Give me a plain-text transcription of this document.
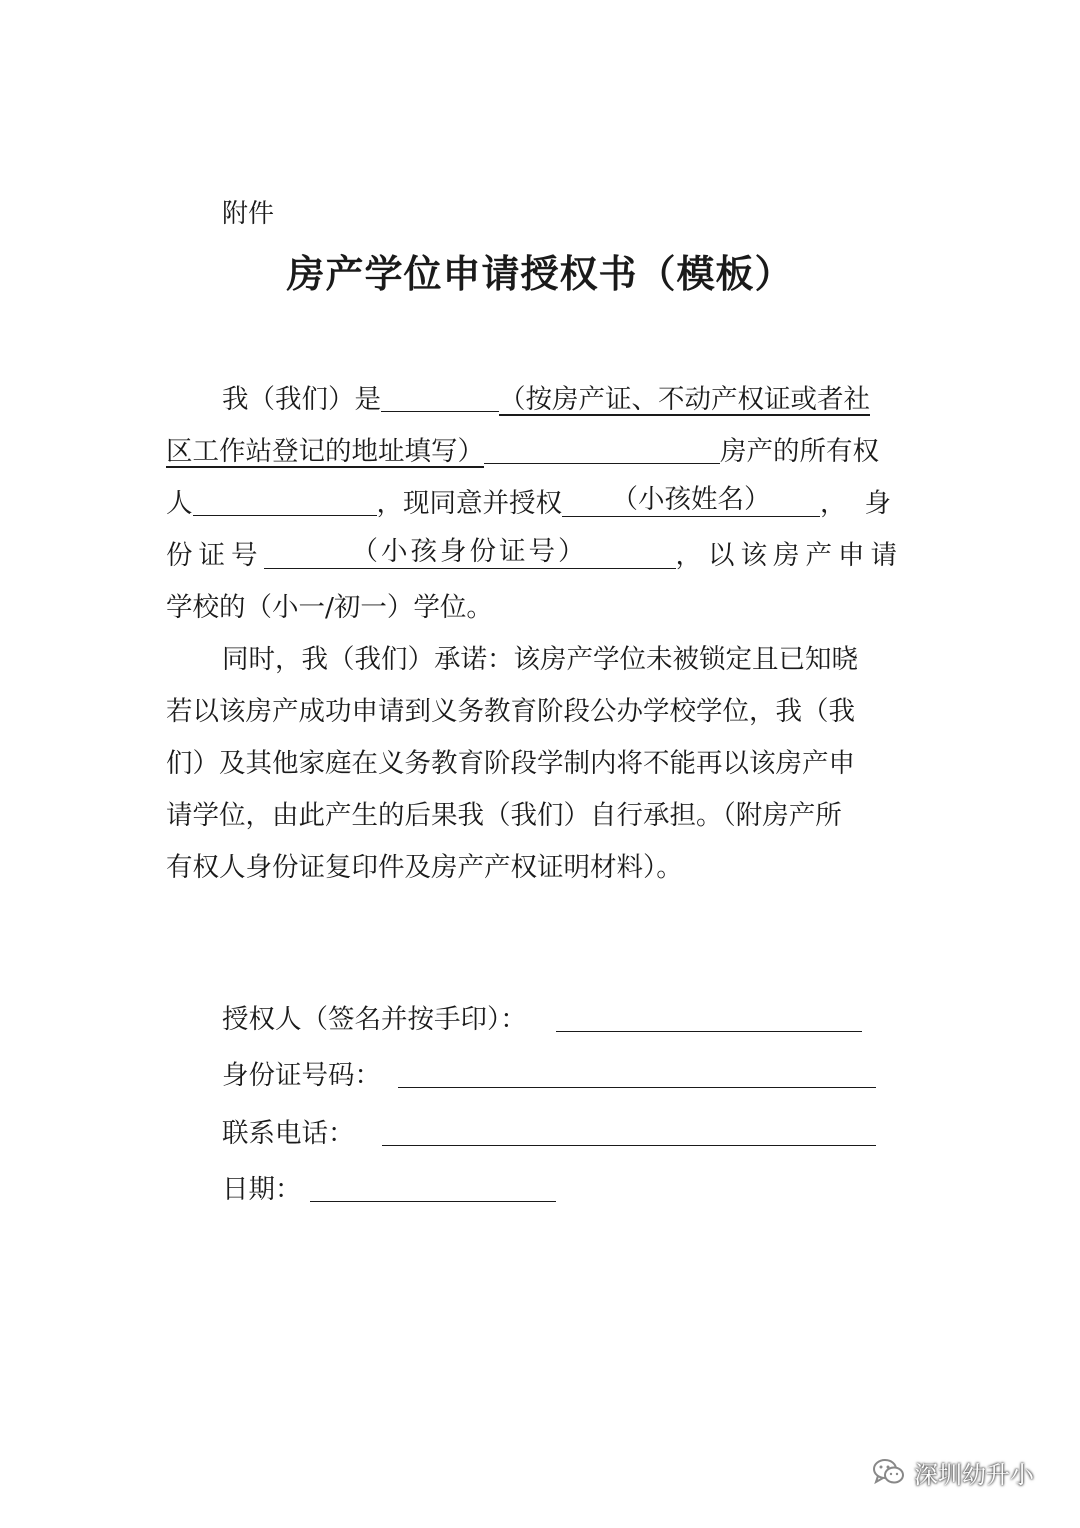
附件
房产学位申请授权书（模板）
我（我们）是	（按房产证、不动产权证或者社
区工作站登记的地址填写）	房产的所有权
人	，现同意并授权 （小孩姓名） ，身
份证号	（小孩身份证号）	，以该房产申请
学校的（小一/初一）学位。
同时，我（我们）承诺：该房产学位未被锁定且已知晓
若以该房产成功申请到义务教育阶段公办学校学位，我（我
们）及其他家庭在义务教育阶段学制内将不能再以该房产申
请学位，由此产生的后果我（我们）自行承担。（附房产所
有权人身份证复印件及房产产权证明材料）。
授权人（签名并按手印）：
身份证号码：
联系电话：
日期：
深圳幼升小
